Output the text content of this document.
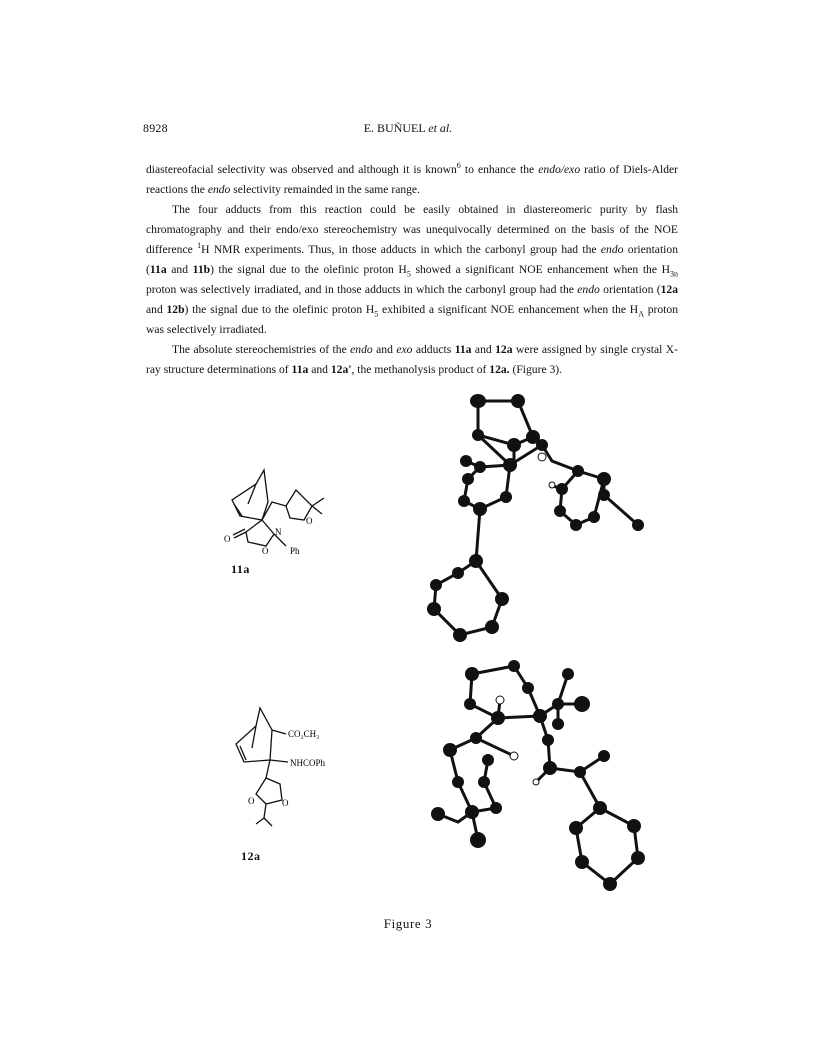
8928	E. BUÑUEL et al.
diastereofacial selectivity was observed and although it is known$^6$ to enhance the endo/exo ratio of Diels-Alder reactions the endo selectivity remainded in the same range.
The four adducts from this reaction could be easily obtained in diastereomeric purity by flash chromatography and their endo/exo stereochemistry was unequivocally determined on the basis of the NOE difference $^1$H NMR experiments. Thus, in those adducts in which the carbonyl group had the endo orientation (11a and 11b) the signal due to the olefinic proton $H_5$ showed a significant NOE enhancement when the $H_{3n}$ proton was selectively irradiated, and in those adducts in which the carbonyl group had the endo orientation (12a and 12b) the signal due to the olefinic proton $H_5$ exhibited a significant NOE enhancement when the $H_A$ proton was selectively irradiated.
The absolute stereochemistries of the endo and exo adducts 11a and 12a were assigned by single crystal X-ray structure determinations of 11a and 12a', the methanolysis product of 12a. (Figure 3).
N
O
O
Ph
O
11a
CO₂CH₃
NHCOPh
O	O
12a
Figure 3
